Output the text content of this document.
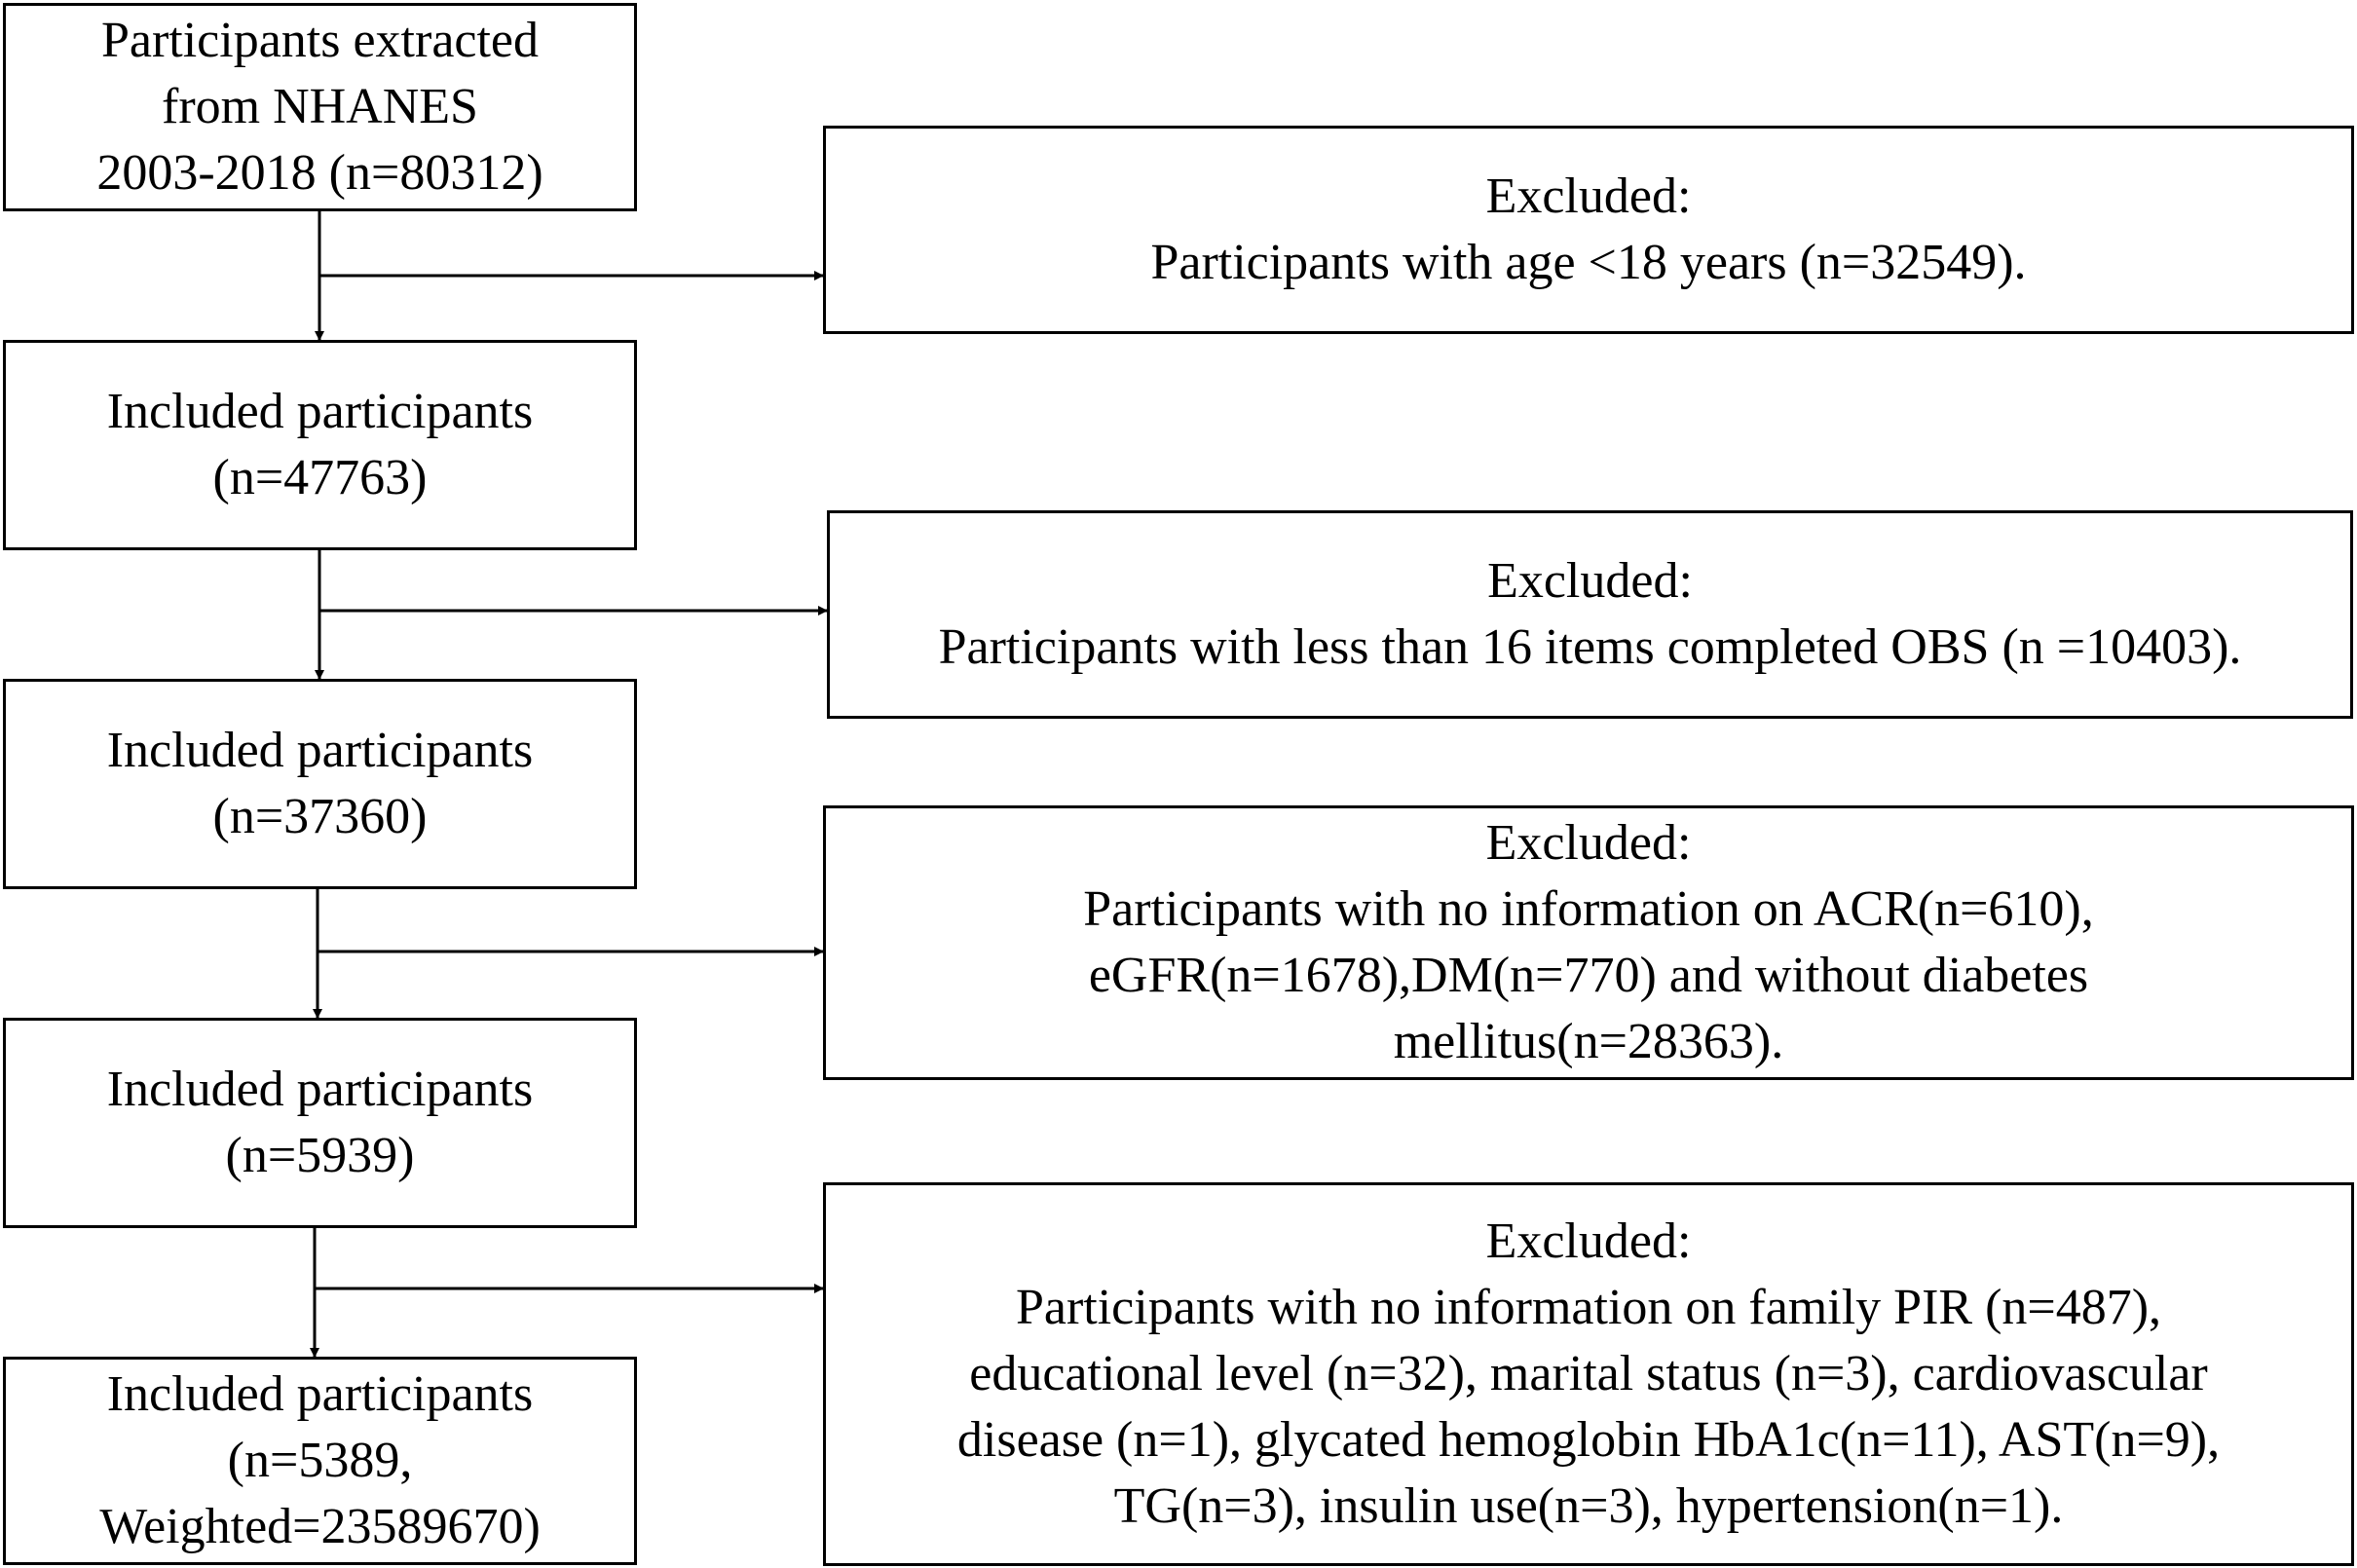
Participants extracted
from NHANES
2003-2018 (n=80312)
Included participants
(n=47763)
Included participants
(n=37360)
Included participants
(n=5939)
Included participants
(n=5389,
Weighted=23589670)
Excluded:
Participants with age <18 years (n=32549).
Excluded:
Participants with less than 16 items completed OBS (n =10403).
Excluded:
Participants with no information on ACR(n=610),
eGFR(n=1678),DM(n=770) and without diabetes
mellitus(n=28363).
Excluded:
Participants with no information on family PIR (n=487),
educational level (n=32), marital status (n=3), cardiovascular
disease (n=1), glycated hemoglobin HbA1c(n=11), AST(n=9),
TG(n=3), insulin use(n=3), hypertension(n=1).
